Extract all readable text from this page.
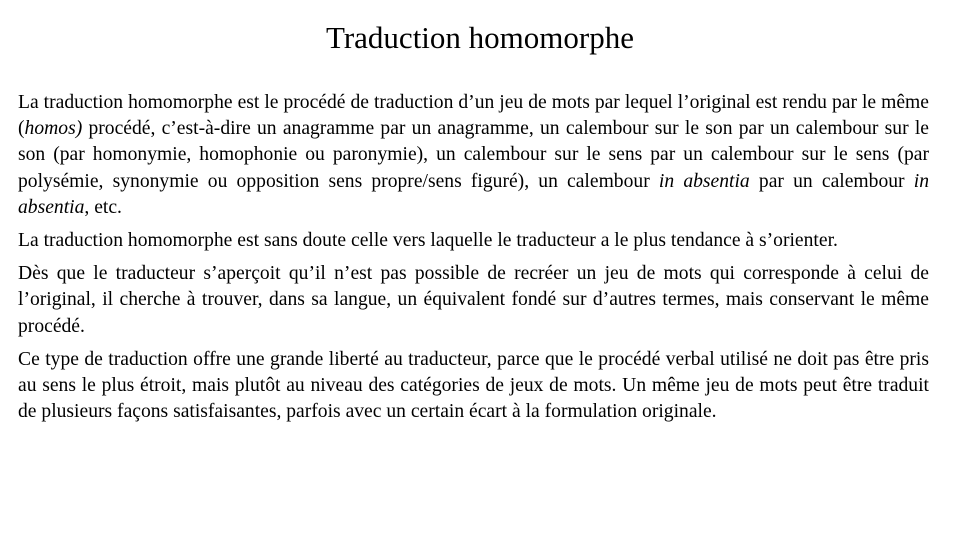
Traduction homomorphe

La traduction homomorphe est le procédé de traduction d’un jeu de mots par lequel l’original est rendu par le même (homos) procédé, c’est-à-dire un anagramme par un anagramme, un calembour sur le son par un calembour sur le son (par homonymie, homophonie ou paronymie), un calembour sur le sens par un calembour sur le sens (par polysémie, synonymie ou opposition sens propre/sens figuré), un calembour in absentia par un calembour in absentia, etc.

La traduction homomorphe est sans doute celle vers laquelle le traducteur a le plus tendance à s’orienter.

Dès que le traducteur s’aperçoit qu’il n’est pas possible de recréer un jeu de mots qui corresponde à celui de l’original, il cherche à trouver, dans sa langue, un équivalent fondé sur d’autres termes, mais conservant le même procédé.

Ce type de traduction offre une grande liberté au traducteur, parce que le procédé verbal utilisé ne doit pas être pris au sens le plus étroit, mais plutôt au niveau des catégories de jeux de mots. Un même jeu de mots peut être traduit de plusieurs façons satisfaisantes, parfois avec un certain écart à la formulation originale.
